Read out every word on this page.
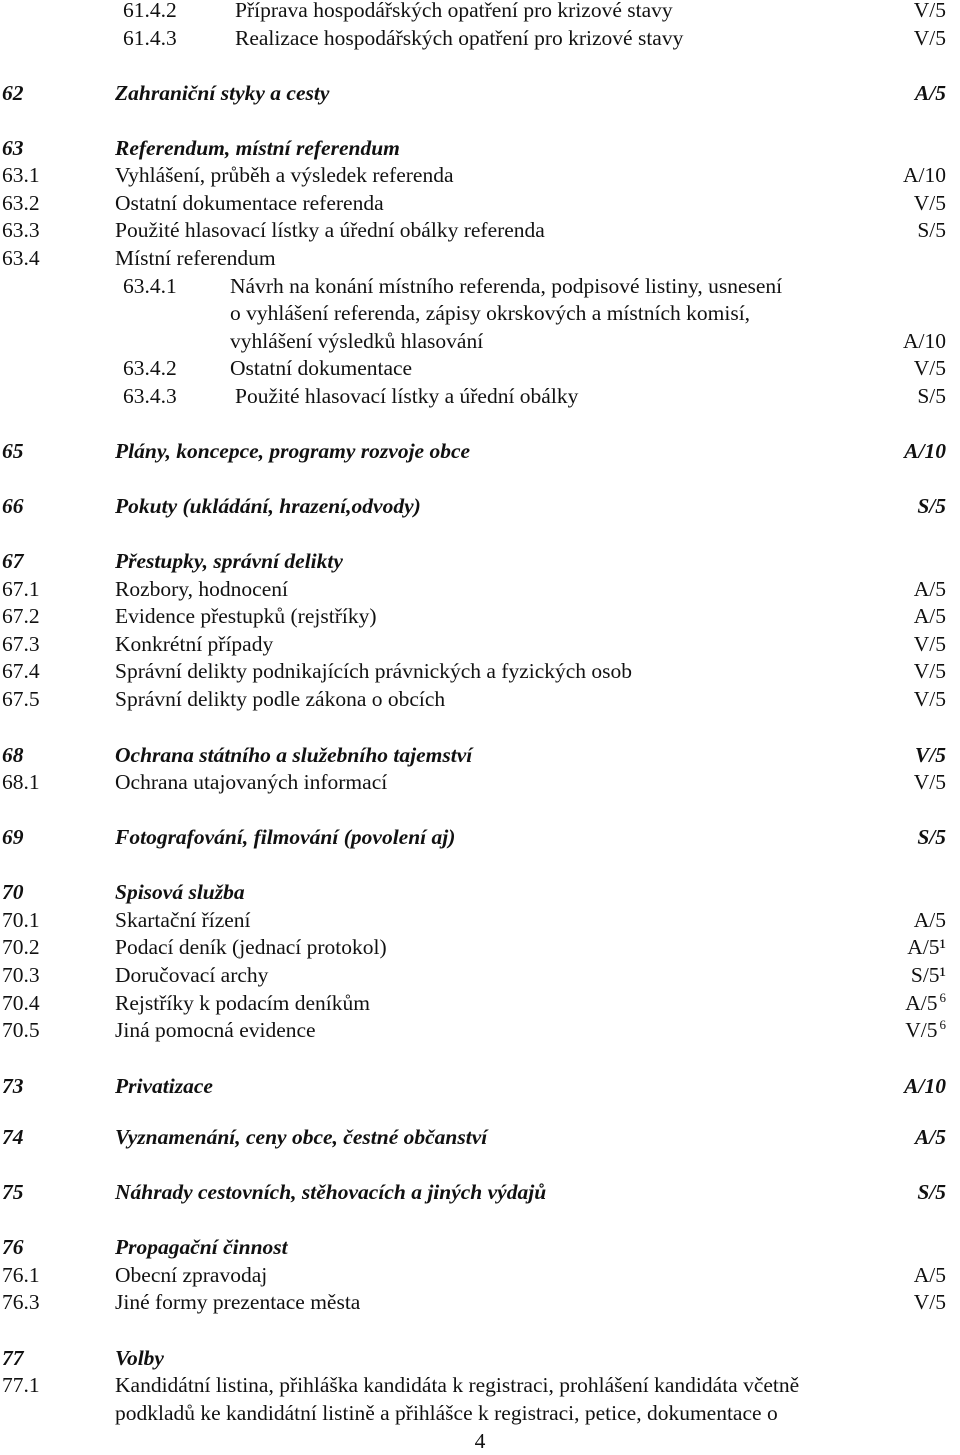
61.4.2	Příprava hospodářských opatření pro krizové stavy	V/5
61.4.3	Realizace hospodářských opatření pro krizové stavy	V/5
62	Zahraniční styky a cesty	A/5
63	Referendum, místní referendum
63.1	Vyhlášení, průběh a výsledek referenda	A/10
63.2	Ostatní dokumentace referenda	V/5
63.3	Použité hlasovací lístky a úřední obálky referenda	S/5
63.4	Místní referendum
63.4.1 Návrh na konání místního referenda, podpisové listiny, usnesení
o vyhlášení referenda, zápisy okrskových a místních komisí,
vyhlášení výsledků hlasování	A/10
63.4.2 Ostatní dokumentace	V/5
63.4.3	Použité hlasovací lístky a úřední obálky	S/5
65	Plány, koncepce, programy rozvoje obce	A/10
66	Pokuty (ukládání, hrazení,odvody)	S/5
67	Přestupky, správní delikty
67.1	Rozbory, hodnocení	A/5
67.2	Evidence přestupků (rejstříky)	A/5
67.3	Konkrétní případy	V/5
67.4	Správní delikty podnikajících právnických a fyzických osob	V/5
67.5	Správní delikty podle zákona o obcích	V/5
68	Ochrana státního a služebního tajemství	V/5
68.1	Ochrana utajovaných informací	V/5
69	Fotografování, filmování (povolení aj)	S/5
70	Spisová služba
70.1	Skartační řízení	A/5
70.2	Podací deník (jednací protokol)	A/5¹
70.3	Doručovací archy	S/5¹
70.4	Rejstříky k podacím deníkům	A/5 $^6$
70.5	Jiná pomocná evidence	V/5 $^6$
73	Privatizace	A/10
74	Vyznamenání, ceny obce, čestné občanství	A/5
75	Náhrady cestovních, stěhovacích a jiných výdajů	S/5
76	Propagační činnost
76.1	Obecní zpravodaj	A/5
76.3	Jiné formy prezentace města	V/5
77	Volby
77.1	Kandidátní listina, přihláška kandidáta k registraci, prohlášení kandidáta včetně
podkladů ke kandidátní listině a přihlášce k registraci, petice, dokumentace o
4
